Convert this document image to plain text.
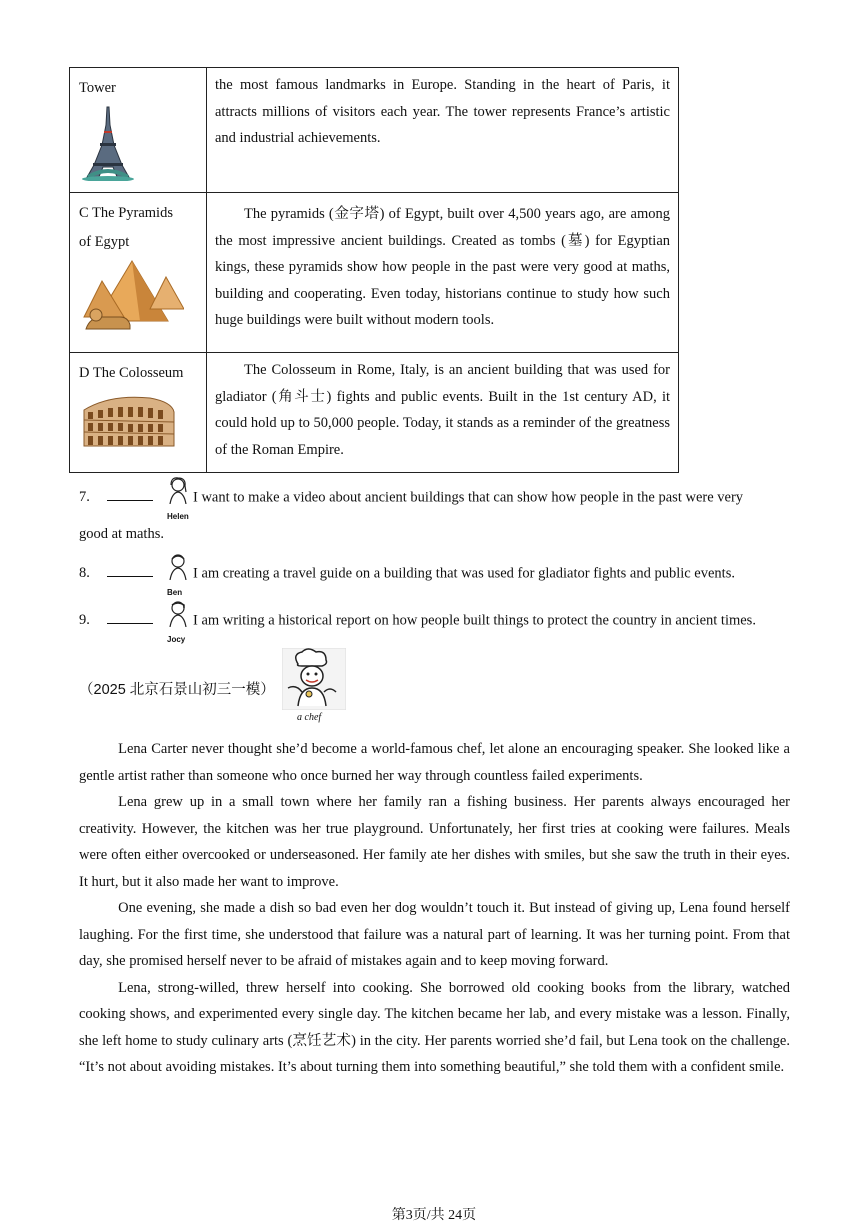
Tower	the most famous landmarks in Europe. Standing in the heart of Paris, it attracts millions of visitors each year. The tower represents France’s artistic and industrial achievements.

C The Pyramids
of Egypt	The pyramids (金字塔) of Egypt, built over 4,500 years ago, are among the most impressive ancient buildings. Created as tombs (墓) for Egyptian kings, these pyramids show how people in the past were very good at maths, building and cooperating. Even today, historians continue to study how such huge buildings were built without modern tools.

D The Colosseum	The Colosseum in Rome, Italy, is an ancient building that was used for gladiator (角斗士) fights and public events. Built in the 1st century AD, it could hold up to 50,000 people. Today, it stands as a reminder of the greatness of the Roman Empire.
7.
Helen
I want to make a video about ancient buildings that can show how people in the past were very
good at maths.
8.
Ben
I am creating a travel guide on a building that was used for gladiator fights and public events.
9.
Jocy
I am writing a historical report on how people built things to protect the country in ancient times.
（2025 北京石景山初三一模）
a chef

Lena Carter never thought she’d become a world-famous chef, let alone an encouraging speaker. She looked like a gentle artist rather than someone who once burned her way through countless failed experiments.

Lena grew up in a small town where her family ran a fishing business. Her parents always encouraged her creativity. However, the kitchen was her true playground. Unfortunately, her first tries at cooking were failures. Meals were often either overcooked or underseasoned. Her family ate her dishes with smiles, but she saw the truth in their eyes. It hurt, but it also made her want to improve.

One evening, she made a dish so bad even her dog wouldn’t touch it. But instead of giving up, Lena found herself laughing. For the first time, she understood that failure was a natural part of learning. It was her turning point. From that day, she promised herself never to be afraid of mistakes again and to keep moving forward.

Lena, strong-willed, threw herself into cooking. She borrowed old cooking books from the library, watched cooking shows, and experimented every single day. The kitchen became her lab, and every mistake was a lesson. Finally, she left home to study culinary arts (烹饪艺术) in the city. Her parents worried she’d fail, but Lena took on the challenge. “It’s not about avoiding mistakes. It’s about turning them into something beautiful,” she told them with a confident smile.

第3页/共 24页
